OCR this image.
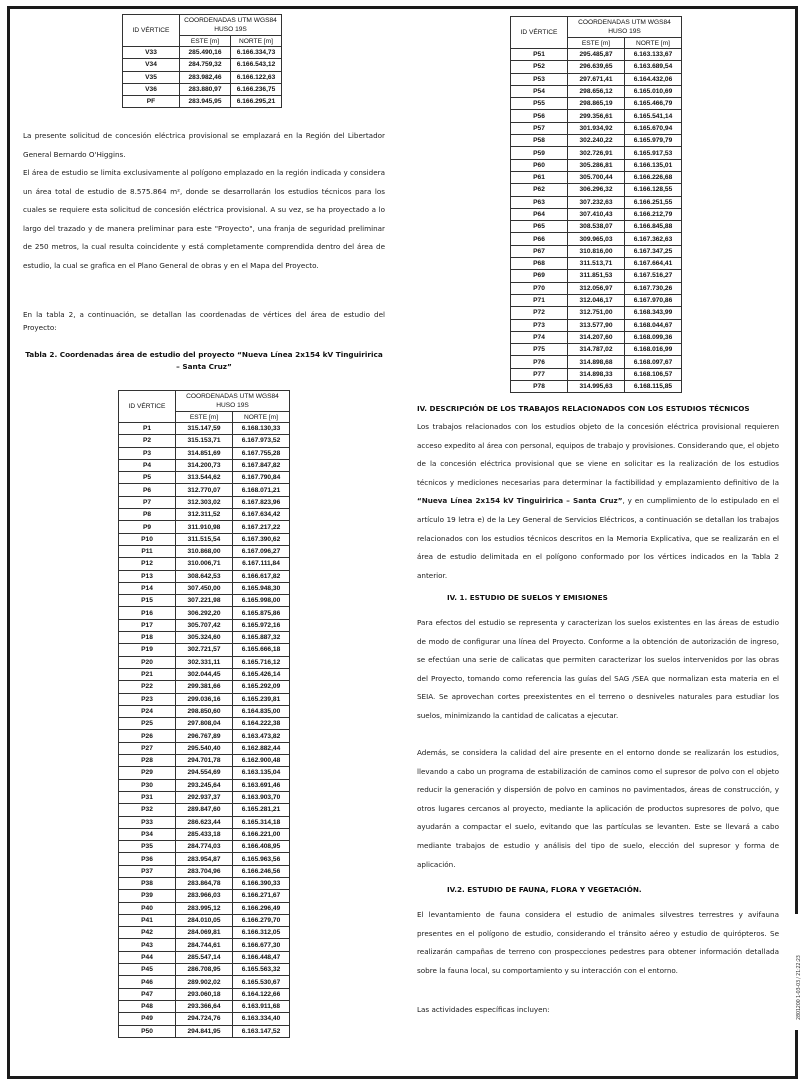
2801200 1-03-03 / 21:22:23
ID VÉRTICE	COORDENADAS UTM WGS84 HUSO 19S	
	ESTE [m]	NORTE [m]
V33	285.490,16	6.166.334,73
V34	284.759,32	6.166.543,12
V35	283.982,46	6.166.122,63
V36	283.880,97	6.166.236,75
PF	283.945,95	6.166.295,21
La presente solicitud de concesión eléctrica provisional se emplazará en la Región del Libertador General Bernardo O'Higgins.
El área de estudio se limita exclusivamente al polígono emplazado en la región indicada y considera un área total de estudio de 8.575.864 m², donde se desarrollarán los estudios técnicos para los cuales se requiere esta solicitud de concesión eléctrica provisional. A su vez, se ha proyectado a lo largo del trazado y de manera preliminar para este "Proyecto", una franja de seguridad preliminar de 250 metros, la cual resulta coincidente y está completamente comprendida dentro del área de estudio, la cual se grafica en el Plano General de obras y en el Mapa del Proyecto.
En la tabla 2, a continuación, se detallan las coordenadas de vértices del área de estudio del Proyecto:
Tabla 2. Coordenadas área de estudio del proyecto “Nueva Línea 2x154 kV Tinguiririca – Santa Cruz”
ID VÉRTICE	COORDENADAS UTM WGS84 HUSO 19S	
	ESTE [m]	NORTE [m]
P1	315.147,59	6.168.130,33
P2	315.153,71	6.167.973,52
P3	314.851,69	6.167.755,28
P4	314.200,73	6.167.847,82
P5	313.544,62	6.167.790,84
P6	312.770,07	6.168.071,21
P7	312.303,02	6.167.823,96
P8	312.311,52	6.167.634,42
P9	311.910,98	6.167.217,22
P10	311.515,54	6.167.390,62
P11	310.868,00	6.167.096,27
P12	310.006,71	6.167.111,84
P13	308.642,53	6.166.617,82
P14	307.450,00	6.165.948,30
P15	307.221,98	6.165.998,00
P16	306.292,20	6.165.875,86
P17	305.707,42	6.165.972,16
P18	305.324,60	6.165.887,32
P19	302.721,57	6.165.666,18
P20	302.331,11	6.165.716,12
P21	302.044,45	6.165.426,14
P22	299.381,66	6.165.292,09
P23	299.036,16	6.165.239,81
P24	298.850,60	6.164.835,00
P25	297.808,04	6.164.222,38
P26	296.767,89	6.163.473,82
P27	295.540,40	6.162.882,44
P28	294.701,78	6.162.900,48
P29	294.554,69	6.163.135,04
P30	293.245,64	6.163.691,46
P31	292.937,37	6.163.903,70
P32	289.847,60	6.165.281,21
P33	286.623,44	6.165.314,18
P34	285.433,18	6.166.221,00
P35	284.774,03	6.166.408,95
P36	283.954,87	6.165.963,56
P37	283.704,96	6.166.246,56
P38	283.864,78	6.166.390,33
P39	283.966,03	6.166.271,67
P40	283.995,12	6.166.296,49
P41	284.010,05	6.166.279,70
P42	284.069,81	6.166.312,05
P43	284.744,61	6.166.677,30
P44	285.547,14	6.166.448,47
P45	286.708,95	6.165.563,32
P46	289.902,02	6.165.530,67
P47	293.060,18	6.164.122,66
P48	293.366,64	6.163.911,68
P49	294.724,76	6.163.334,40
P50	294.841,95	6.163.147,52
ID VÉRTICE	COORDENADAS UTM WGS84 HUSO 19S	
	ESTE [m]	NORTE [m]
P51	295.485,87	6.163.133,67
P52	296.639,65	6.163.689,54
P53	297.671,41	6.164.432,06
P54	298.656,12	6.165.010,69
P55	298.865,19	6.165.466,79
P56	299.356,61	6.165.541,14
P57	301.934,92	6.165.670,94
P58	302.240,22	6.165.979,79
P59	302.726,91	6.165.917,53
P60	305.286,81	6.166.135,01
P61	305.700,44	6.166.226,68
P62	306.296,32	6.166.128,55
P63	307.232,63	6.166.251,55
P64	307.410,43	6.166.212,79
P65	308.538,07	6.166.845,88
P66	309.965,03	6.167.362,63
P67	310.816,00	6.167.347,25
P68	311.513,71	6.167.664,41
P69	311.851,53	6.167.516,27
P70	312.056,97	6.167.730,26
P71	312.046,17	6.167.970,86
P72	312.751,00	6.168.343,99
P73	313.577,90	6.168.044,67
P74	314.207,60	6.168.099,36
P75	314.787,02	6.168.016,99
P76	314.898,68	6.168.097,67
P77	314.898,33	6.168.106,57
P78	314.995,63	6.168.115,85
IV. DESCRIPCIÓN DE LOS TRABAJOS RELACIONADOS CON LOS ESTUDIOS TÉCNICOS
Los trabajos relacionados con los estudios objeto de la concesión eléctrica provisional requieren acceso expedito al área con personal, equipos de trabajo y provisiones. Considerando que, el objeto de la concesión eléctrica provisional que se viene en solicitar es la realización de los estudios técnicos y mediciones necesarias para determinar la factibilidad y emplazamiento definitivo de la “Nueva Línea 2x154 kV Tinguiririca – Santa Cruz”, y en cumplimiento de lo estipulado en el artículo 19 letra e) de la Ley General de Servicios Eléctricos, a continuación se detallan los trabajos relacionados con los estudios técnicos descritos en la Memoria Explicativa, que se realizarán en el área de estudio delimitada en el polígono conformado por los vértices indicados en la Tabla 2 anterior.
IV. 1. ESTUDIO DE SUELOS Y EMISIONES
Para efectos del estudio se representa y caracterizan los suelos existentes en las áreas de estudio de modo de configurar una línea del Proyecto. Conforme a la obtención de autorización de ingreso, se efectúan una serie de calicatas que permiten caracterizar los suelos intervenidos por las obras del Proyecto, tomando como referencia las guías del SAG /SEA que normalizan esta materia en el SEIA. Se aprovechan cortes preexistentes en el terreno o desniveles naturales para estudiar los suelos, minimizando la cantidad de calicatas a ejecutar.
Además, se considera la calidad del aire presente en el entorno donde se realizarán los estudios, llevando a cabo un programa de estabilización de caminos como el supresor de polvo con el objeto reducir la generación y dispersión de polvo en caminos no pavimentados, áreas de construcción, y otros lugares cercanos al proyecto, mediante la aplicación de productos supresores de polvo, que ayudarán a compactar el suelo, evitando que las partículas se levanten. Este se llevará a cabo mediante trabajos de estudio y análisis del tipo de suelo, elección del supresor y forma de aplicación.
IV.2. ESTUDIO DE FAUNA, FLORA Y VEGETACIÓN.
El levantamiento de fauna considera el estudio de animales silvestres terrestres y avifauna presentes en el polígono de estudio, considerando el tránsito aéreo y estudio de quirópteros. Se realizarán campañas de terreno con prospecciones pedestres para obtener información detallada sobre la fauna local, su comportamiento y su interacción con el entorno.
Las actividades específicas incluyen:
